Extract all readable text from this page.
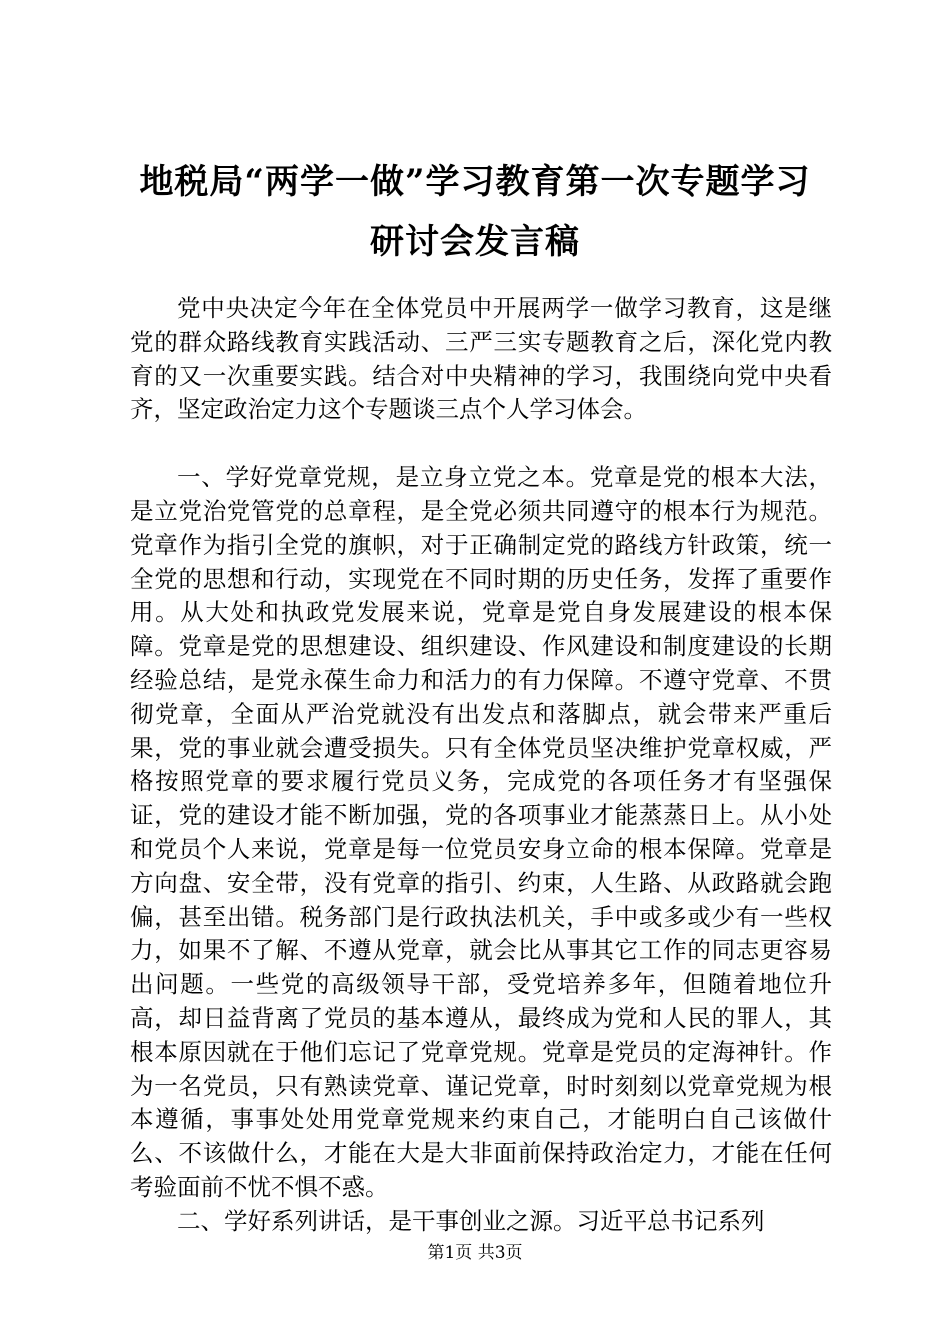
地税局“两学一做”学习教育第一次专题学习
研讨会发言稿

党中央决定今年在全体党员中开展两学一做学习教育，这是继党的群众路线教育实践活动、三严三实专题教育之后，深化党内教育的又一次重要实践。结合对中央精神的学习，我围绕向党中央看齐，坚定政治定力这个专题谈三点个人学习体会。

一、学好党章党规，是立身立党之本。党章是党的根本大法，是立党治党管党的总章程，是全党必须共同遵守的根本行为规范。党章作为指引全党的旗帜，对于正确制定党的路线方针政策，统一全党的思想和行动，实现党在不同时期的历史任务，发挥了重要作用。从大处和执政党发展来说，党章是党自身发展建设的根本保障。党章是党的思想建设、组织建设、作风建设和制度建设的长期经验总结，是党永葆生命力和活力的有力保障。不遵守党章、不贯彻党章，全面从严治党就没有出发点和落脚点，就会带来严重后果，党的事业就会遭受损失。只有全体党员坚决维护党章权威，严格按照党章的要求履行党员义务，完成党的各项任务才有坚强保证，党的建设才能不断加强，党的各项事业才能蒸蒸日上。从小处和党员个人来说，党章是每一位党员安身立命的根本保障。党章是方向盘、安全带，没有党章的指引、约束，人生路、从政路就会跑偏，甚至出错。税务部门是行政执法机关，手中或多或少有一些权力，如果不了解、不遵从党章，就会比从事其它工作的同志更容易出问题。一些党的高级领导干部，受党培养多年，但随着地位升高，却日益背离了党员的基本遵从，最终成为党和人民的罪人，其根本原因就在于他们忘记了党章党规。党章是党员的定海神针。作为一名党员，只有熟读党章、谨记党章，时时刻刻以党章党规为根本遵循，事事处处用党章党规来约束自己，才能明白自己该做什么、不该做什么，才能在大是大非面前保持政治定力，才能在任何考验面前不忧不惧不惑。

二、学好系列讲话，是干事创业之源。习近平总书记系列

第1页 共3页
